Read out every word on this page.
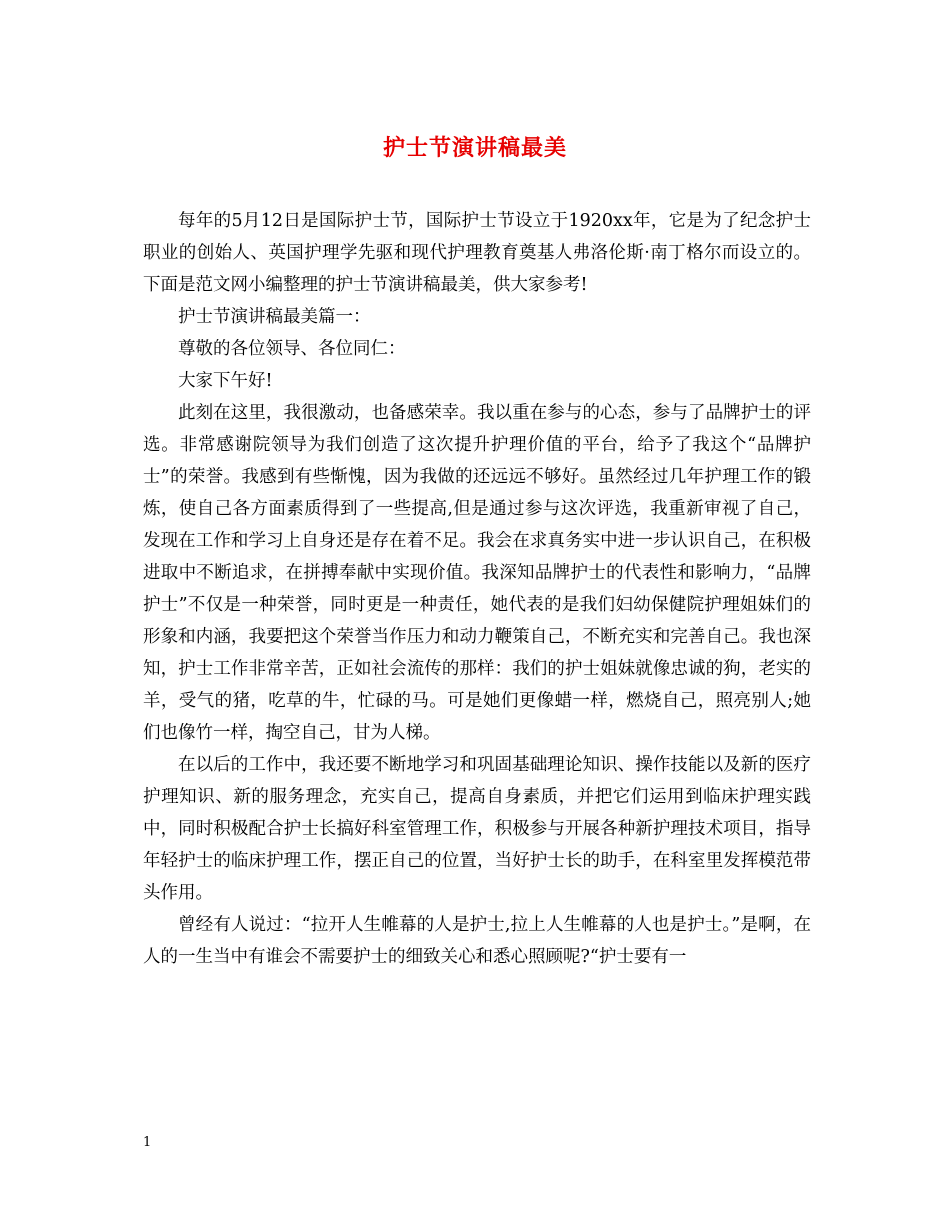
护士节演讲稿最美

每年的5月12日是国际护士节，国际护士节设立于1920xx年，它是为了纪念护士职业的创始人、英国护理学先驱和现代护理教育奠基人弗洛伦斯·南丁格尔而设立的。下面是范文网小编整理的护士节演讲稿最美，供大家参考!

护士节演讲稿最美篇一：

尊敬的各位领导、各位同仁：

大家下午好!

此刻在这里，我很激动，也备感荣幸。我以重在参与的心态，参与了品牌护士的评选。非常感谢院领导为我们创造了这次提升护理价值的平台，给予了我这个“品牌护士”的荣誉。我感到有些惭愧，因为我做的还远远不够好。虽然经过几年护理工作的锻炼，使自己各方面素质得到了一些提高,但是通过参与这次评选，我重新审视了自己，发现在工作和学习上自身还是存在着不足。我会在求真务实中进一步认识自己，在积极进取中不断追求，在拼搏奉献中实现价值。我深知品牌护士的代表性和影响力，“品牌护士”不仅是一种荣誉，同时更是一种责任，她代表的是我们妇幼保健院护理姐妹们的形象和内涵，我要把这个荣誉当作压力和动力鞭策自己，不断充实和完善自己。我也深知，护士工作非常辛苦，正如社会流传的那样：我们的护士姐妹就像忠诚的狗，老实的羊，受气的猪，吃草的牛，忙碌的马。可是她们更像蜡一样，燃烧自己，照亮别人;她们也像竹一样，掏空自己，甘为人梯。

在以后的工作中，我还要不断地学习和巩固基础理论知识、操作技能以及新的医疗护理知识、新的服务理念，充实自己，提高自身素质，并把它们运用到临床护理实践中，同时积极配合护士长搞好科室管理工作，积极参与开展各种新护理技术项目，指导年轻护士的临床护理工作，摆正自己的位置，当好护士长的助手，在科室里发挥模范带头作用。

曾经有人说过：“拉开人生帷幕的人是护士,拉上人生帷幕的人也是护士。”是啊，在人的一生当中有谁会不需要护士的细致关心和悉心照顾呢?“护士要有一

1
